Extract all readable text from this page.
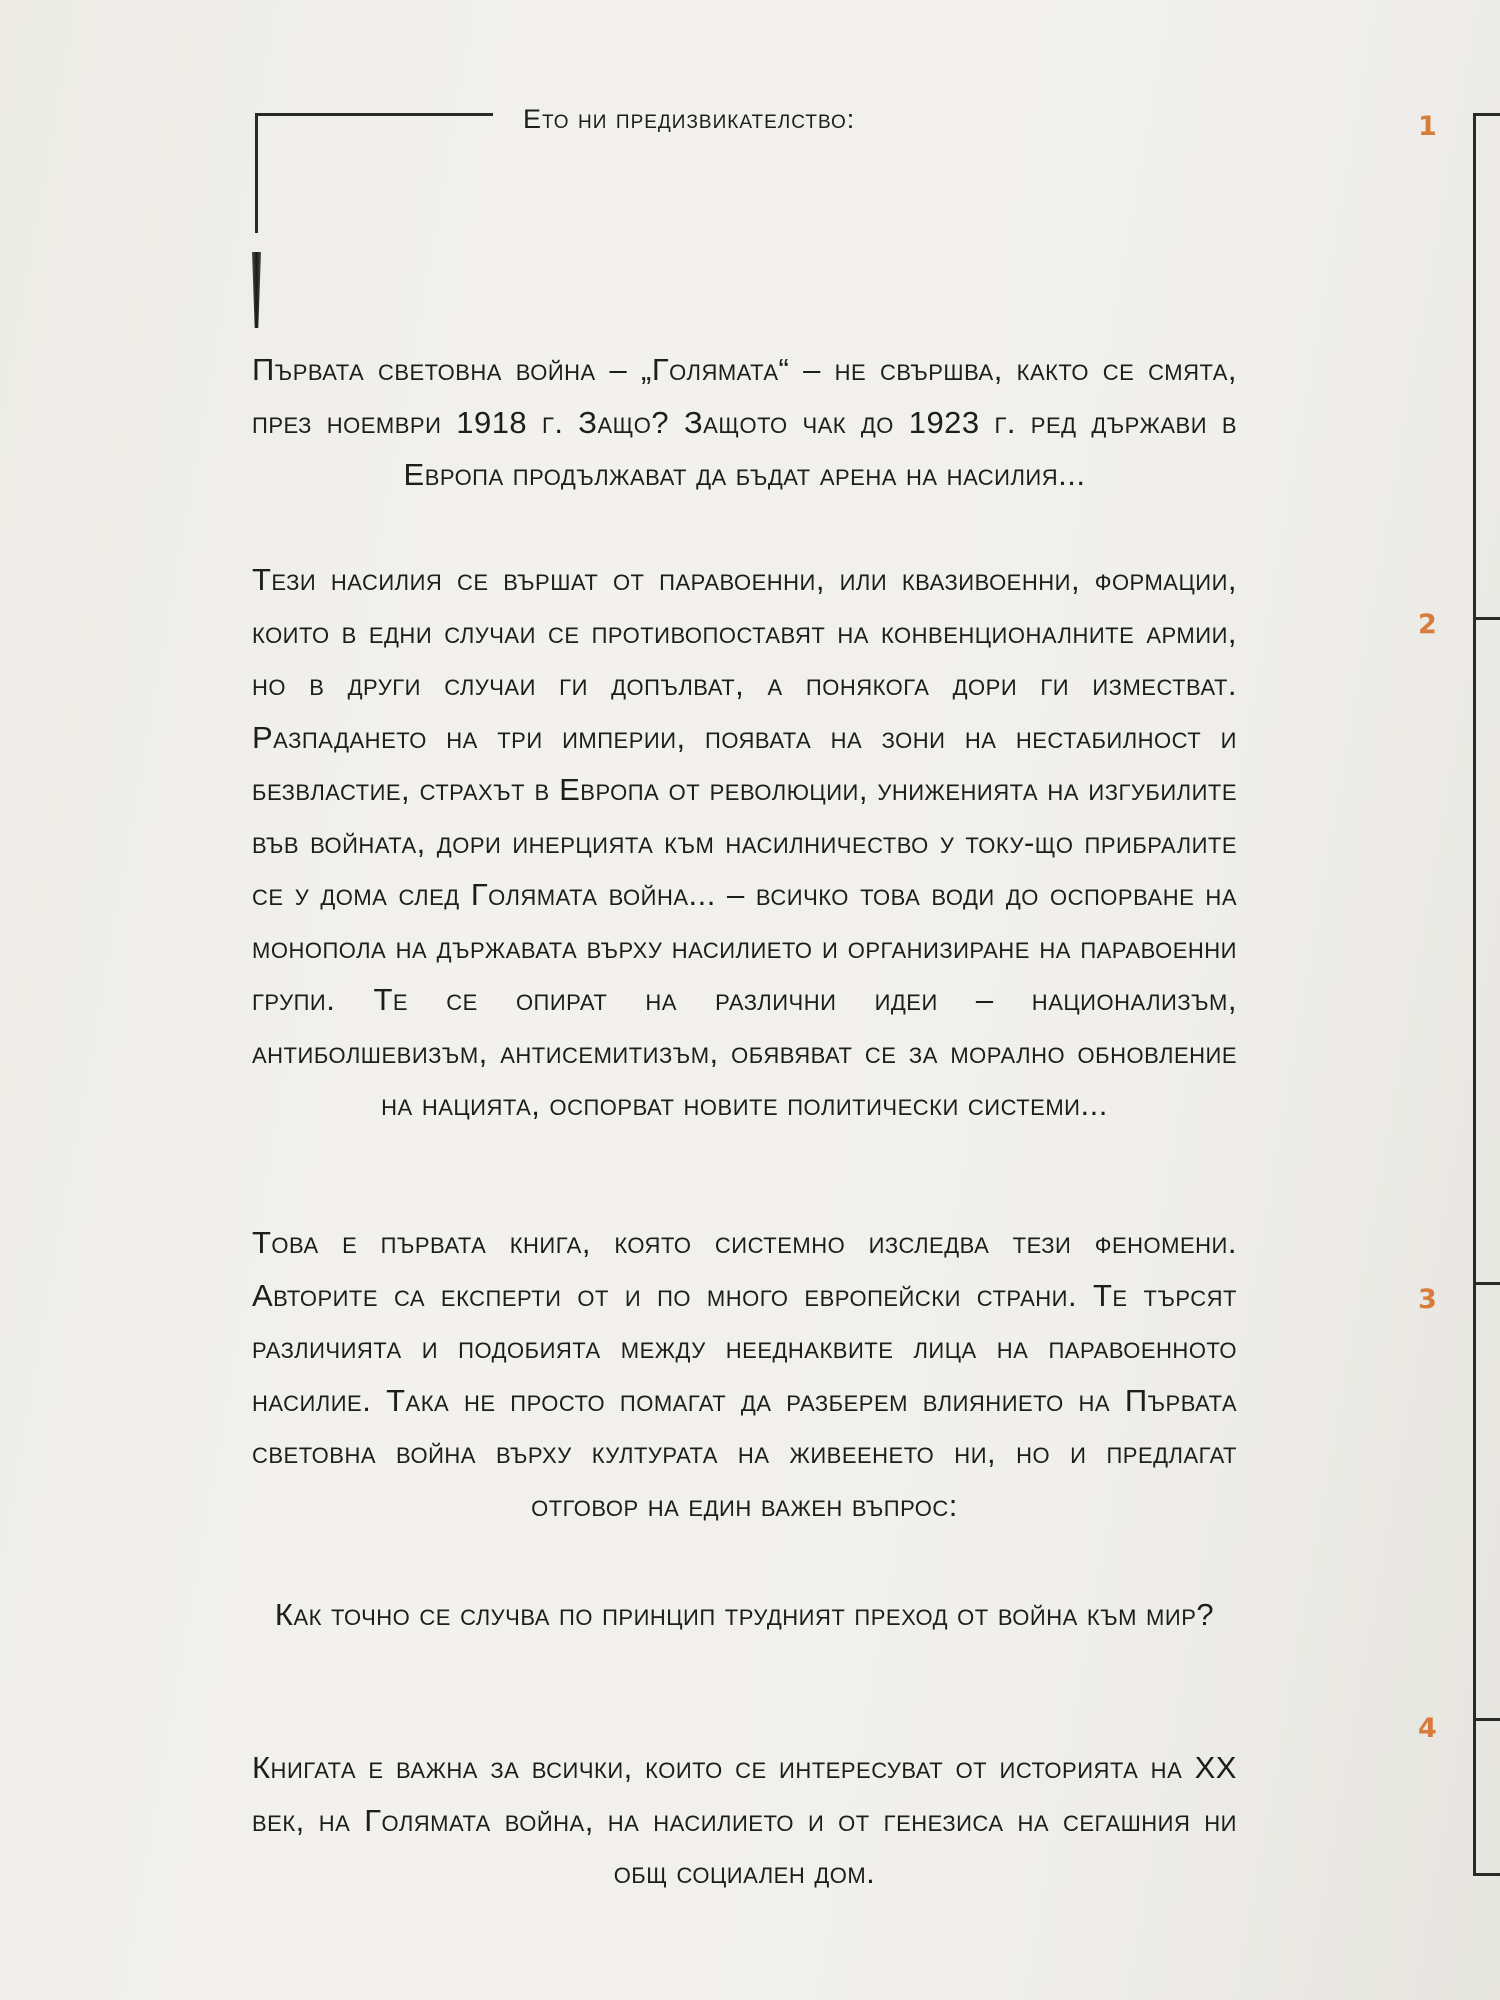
Ето ни предизвикателство:

Първата световна война – „Голямата“ – не свършва, както се смята, през ноември 1918 г. Защо? Защото чак до 1923 г. ред държави в Европа продължават да бъдат арена на насилия...

Тези насилия се вършат от паравоенни, или квазивоенни, формации, които в едни случаи се противопоставят на конвенционалните армии, но в други случаи ги допълват, а понякога дори ги изместват. Разпадането на три империи, появата на зони на нестабилност и безвластие, страхът в Европа от революции, униженията на изгубилите във войната, дори инерцията към насилничество у току-що прибралите се у дома след Голямата война... – всичко това води до оспорване на монопола на държавата върху насилието и организиране на паравоенни групи. Те се опират на различни идеи – национализъм, антиболшевизъм, антисемитизъм, обявяват се за морално обновление на нацията, оспорват новите политически системи...

Това е първата книга, която системно изследва тези феномени. Авторите са експерти от и по много европейски страни. Те търсят различията и подобията между нееднаквите лица на паравоенното насилие. Така не просто помагат да разберем влиянието на Първата световна война върху културата на живеенето ни, но и предлагат отговор на един важен въпрос:

Как точно се случва по принцип трудният преход от война към мир?

Книгата е важна за всички, които се интересуват от историята на XX век, на Голямата война, на насилието и от генезиса на сегашния ни общ социален дом.

1
2
3
4
